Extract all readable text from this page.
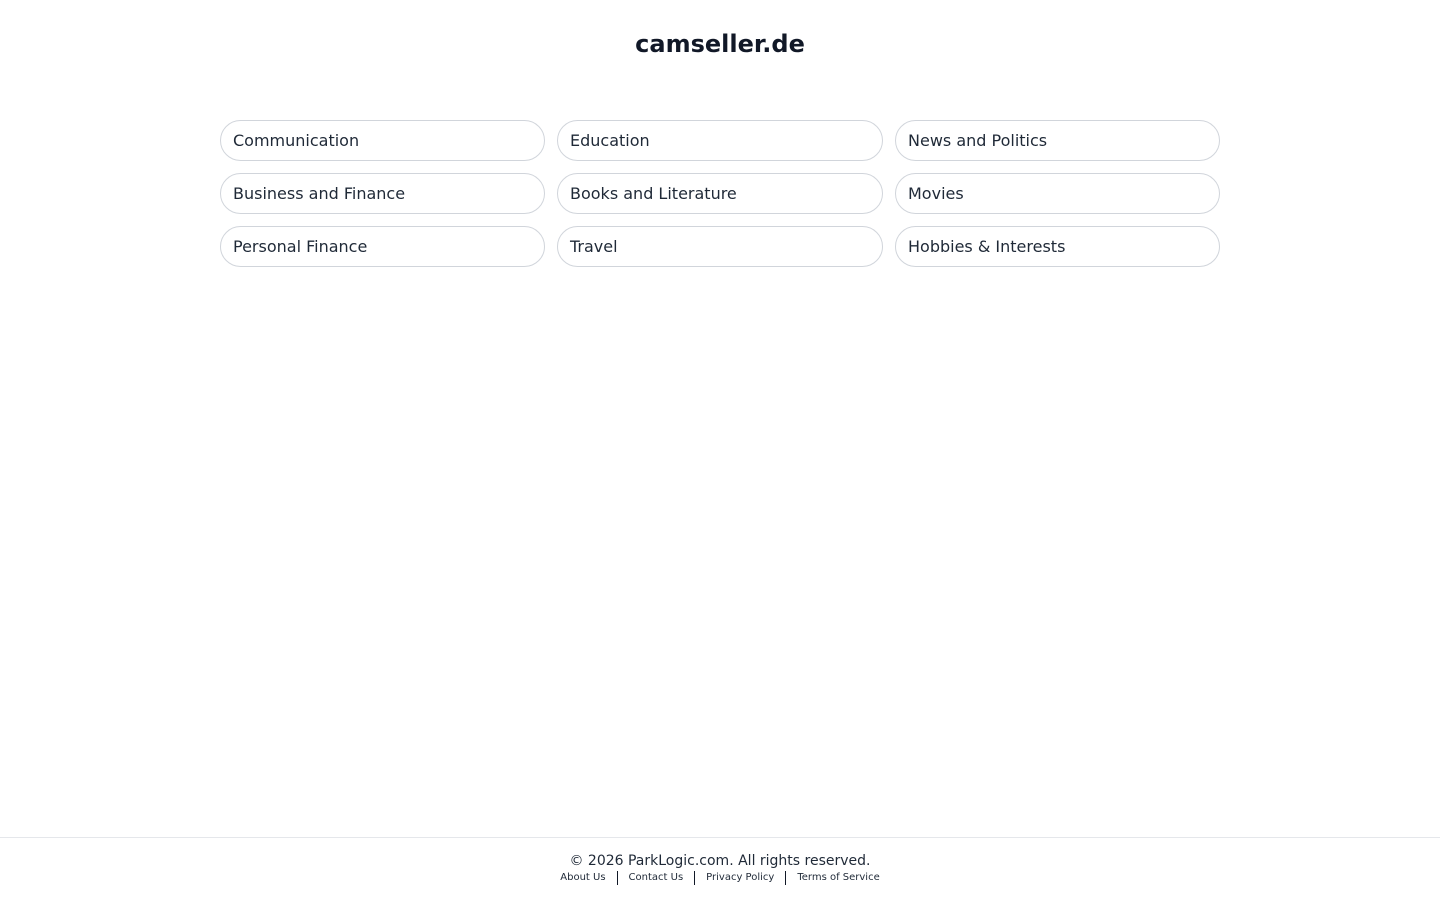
camseller.de
Communication	Education	News and Politics
Business and Finance	Books and Literature	Movies
Personal Finance	Travel	Hobbies & Interests
© 2026 ParkLogic.com. All rights reserved.
About Us	Contact Us	Privacy Policy	Terms of Service
